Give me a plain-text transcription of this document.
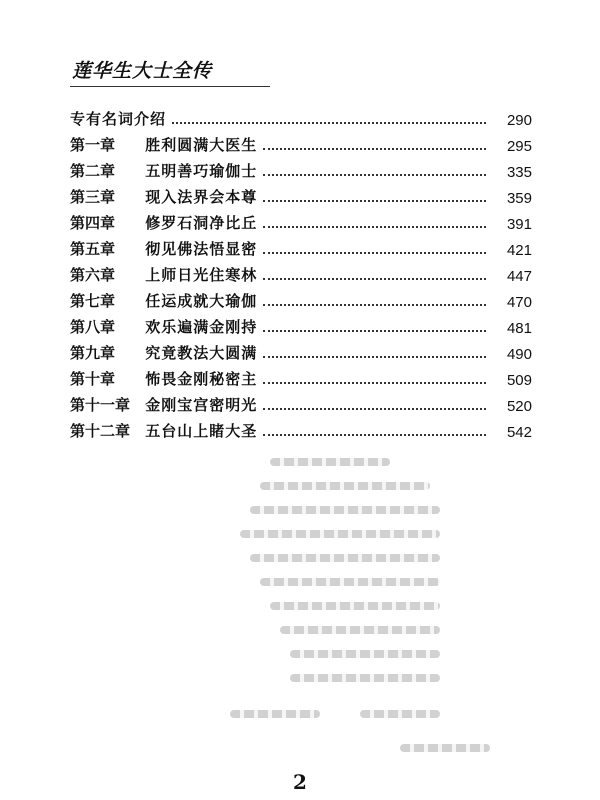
莲华生大士全传
专有名词介绍	290
第一章 胜利圆满大医生	295
第二章 五明善巧瑜伽士	335
第三章 现入法界会本尊	359
第四章 修罗石洞净比丘	391
第五章 彻见佛法悟显密	421
第六章 上师日光住寒林	447
第七章 任运成就大瑜伽	470
第八章 欢乐遍满金刚持	481
第九章 究竟教法大圆满	490
第十章 怖畏金刚秘密主	509
第十一章 金刚宝宫密明光	520
第十二章 五台山上睹大圣	542
2
